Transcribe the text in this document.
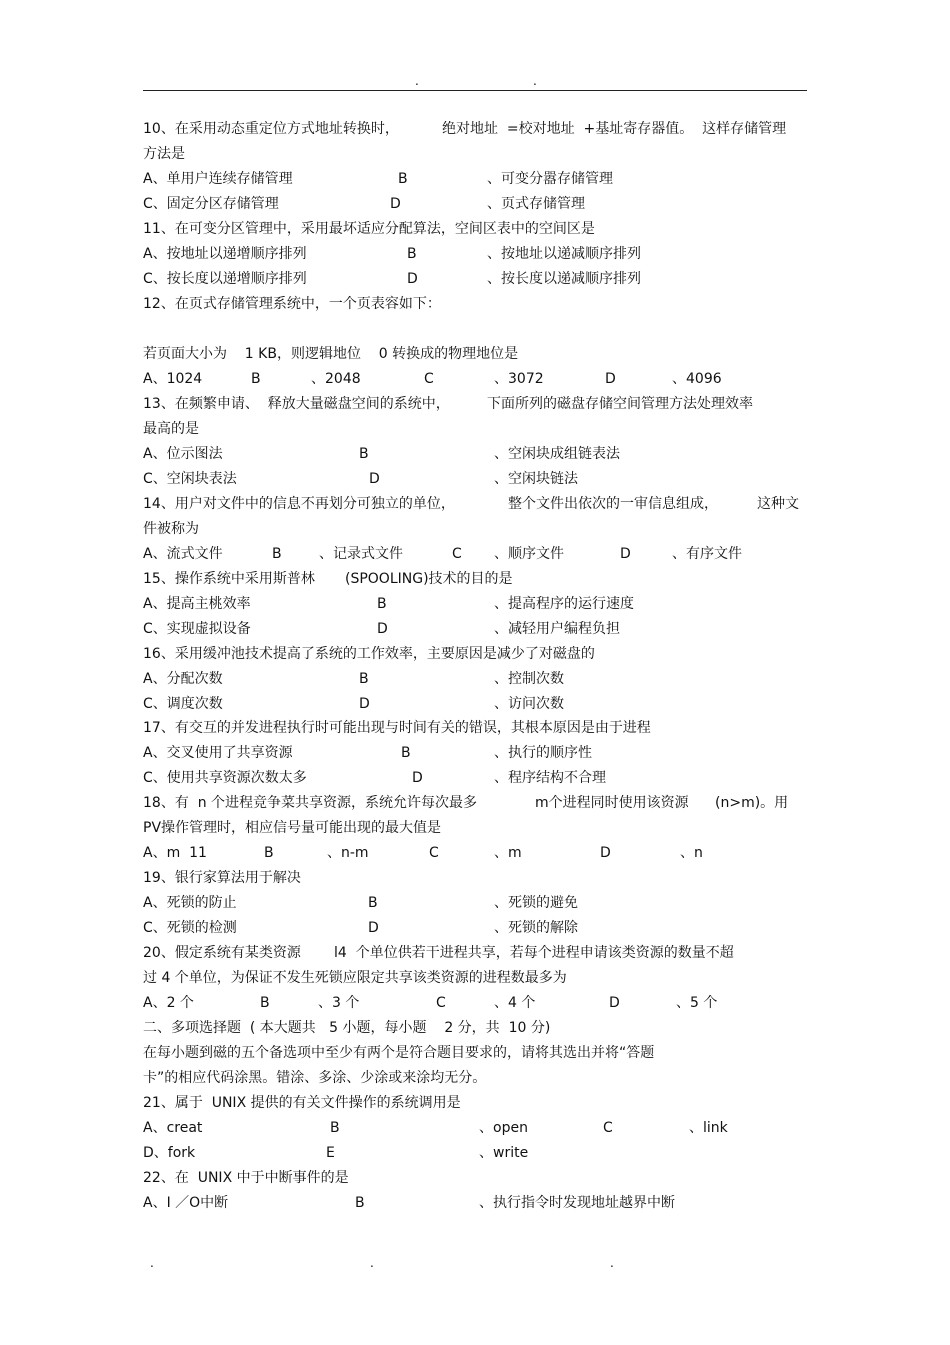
.	.
10、在采用动态重定位方式地址转换时，	绝对地址  =校对地址  +基址寄存器值。  这样存储管理
方法是
A、单用户连续存储管理	B	、可变分嚣存储管理
C、固定分区存储管理	D	、页式存储管理
11、在可变分区管理中，采用最坏适应分配算法，空间区表中的空间区是
A、按地址以递增顺序排列	B	、按地址以递减顺序排列
C、按长度以递增顺序排列	D	、按长度以递减顺序排列
12、在页式存储管理系统中，一个页表容如下：
若页面大小为    1 KB，则逻辑地位    0 转换成的物理地位是
A、1024	B	、2048	C	、3072	D	、4096
13、在频繁申请、  释放大量磁盘空间的系统中，	下面所列的磁盘存储空间管理方法处理效率
最高的是
A、位示图法	B	、空闲块成组链表法
C、空闲块表法	D	、空闲块链法
14、用户对文件中的信息不再划分可独立的单位，	整个文件出依次的一审信息组成，	这种文
件被称为
A、流式文件	B	、记录式文件	C 、顺序文件	D	、有序文件
15、操作系统中采用斯普林 (SPOOLING)技术的目的是
A、提高主桃效率	B	、提高程序的运行速度
C、实现虚拟设备	D	、减轻用户编程负担
16、采用缓冲池技术提高了系统的工作效率，主要原因是减少了对磁盘的
A、分配次数	B	、控制次数
C、调度次数	D	、访问次数
17、有交互的并发进程执行时可能出现与时间有关的错误，其根本原因是由于进程
A、交叉使用了共享资源	B	、执行的顺序性
C、使用共享资源次数太多	D	、程序结构不合理
18、有  n 个进程竞争菜共享资源，系统允许每次最多	m个进程同时使用该资源 (n>m)。用
PV操作管理时，相应信号量可能出现的最大值是
A、m  11	B	、n-m	C	、m	D	、n
19、银行家算法用于解决
A、死锁的防止	B	、死锁的避免
C、死锁的检测	D	、死锁的解除
20、假定系统有某类资源 l4  个单位供若干进程共享，若每个进程申请该类资源的数量不超
过 4 个单位，为保证不发生死锁应限定共享该类资源的进程数最多为
A、2 个	B	、3 个	C	、4 个	D	、5 个
二、多项选择题  ( 本大题共   5 小题，每小题    2 分，共  10 分)
在每小题到磁的五个备选项中至少有两个是符合题目要求的，请将其选出并将“答题
卡”的相应代码涂黑。错涂、多涂、少涂或来涂均无分。
21、属于  UNIX 提供的有关文件操作的系统调用是
A、creat	B	、open	C	、link
D、fork	E	、write
22、在  UNIX 中于中断事件的是
A、I ／O中断	B	、执行指令时发现地址越界中断
.	.	.
